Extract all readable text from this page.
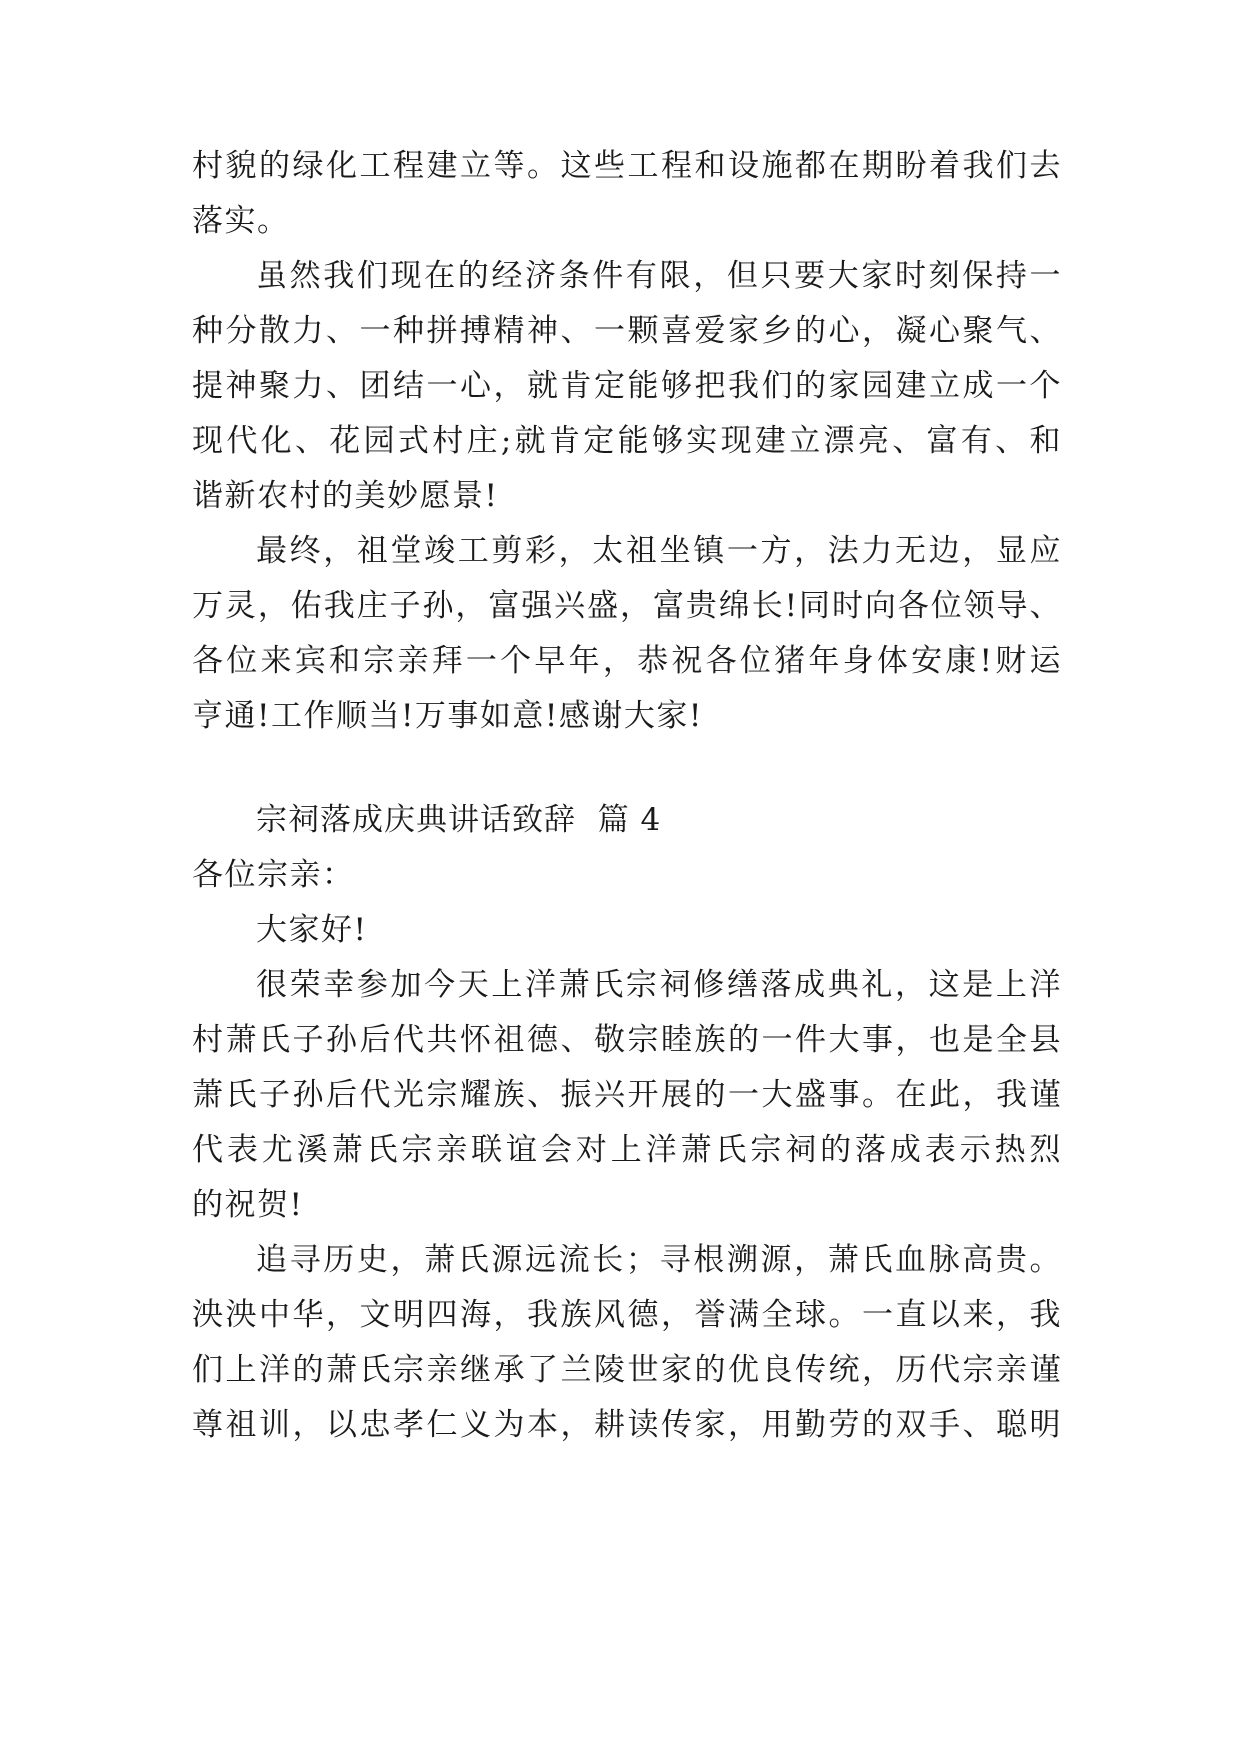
村貌的绿化工程建立等。这些工程和设施都在期盼着我们去
落实。
虽然我们现在的经济条件有限，但只要大家时刻保持一
种分散力、一种拼搏精神、一颗喜爱家乡的心，凝心聚气、
提神聚力、团结一心，就肯定能够把我们的家园建立成一个
现代化、花园式村庄;就肯定能够实现建立漂亮、富有、和
谐新农村的美妙愿景!
最终，祖堂竣工剪彩，太祖坐镇一方，法力无边，显应
万灵，佑我庄子孙，富强兴盛，富贵绵长!同时向各位领导、
各位来宾和宗亲拜一个早年，恭祝各位猪年身体安康!财运
亨通!工作顺当!万事如意!感谢大家!
宗祠落成庆典讲话致辞  篇 4
各位宗亲：
大家好!
很荣幸参加今天上洋萧氏宗祠修缮落成典礼，这是上洋
村萧氏子孙后代共怀祖德、敬宗睦族的一件大事，也是全县
萧氏子孙后代光宗耀族、振兴开展的一大盛事。在此，我谨
代表尤溪萧氏宗亲联谊会对上洋萧氏宗祠的落成表示热烈
的祝贺!
追寻历史，萧氏源远流长；寻根溯源，萧氏血脉高贵。
泱泱中华，文明四海，我族风德，誉满全球。一直以来，我
们上洋的萧氏宗亲继承了兰陵世家的优良传统，历代宗亲谨
尊祖训，以忠孝仁义为本，耕读传家，用勤劳的双手、聪明
